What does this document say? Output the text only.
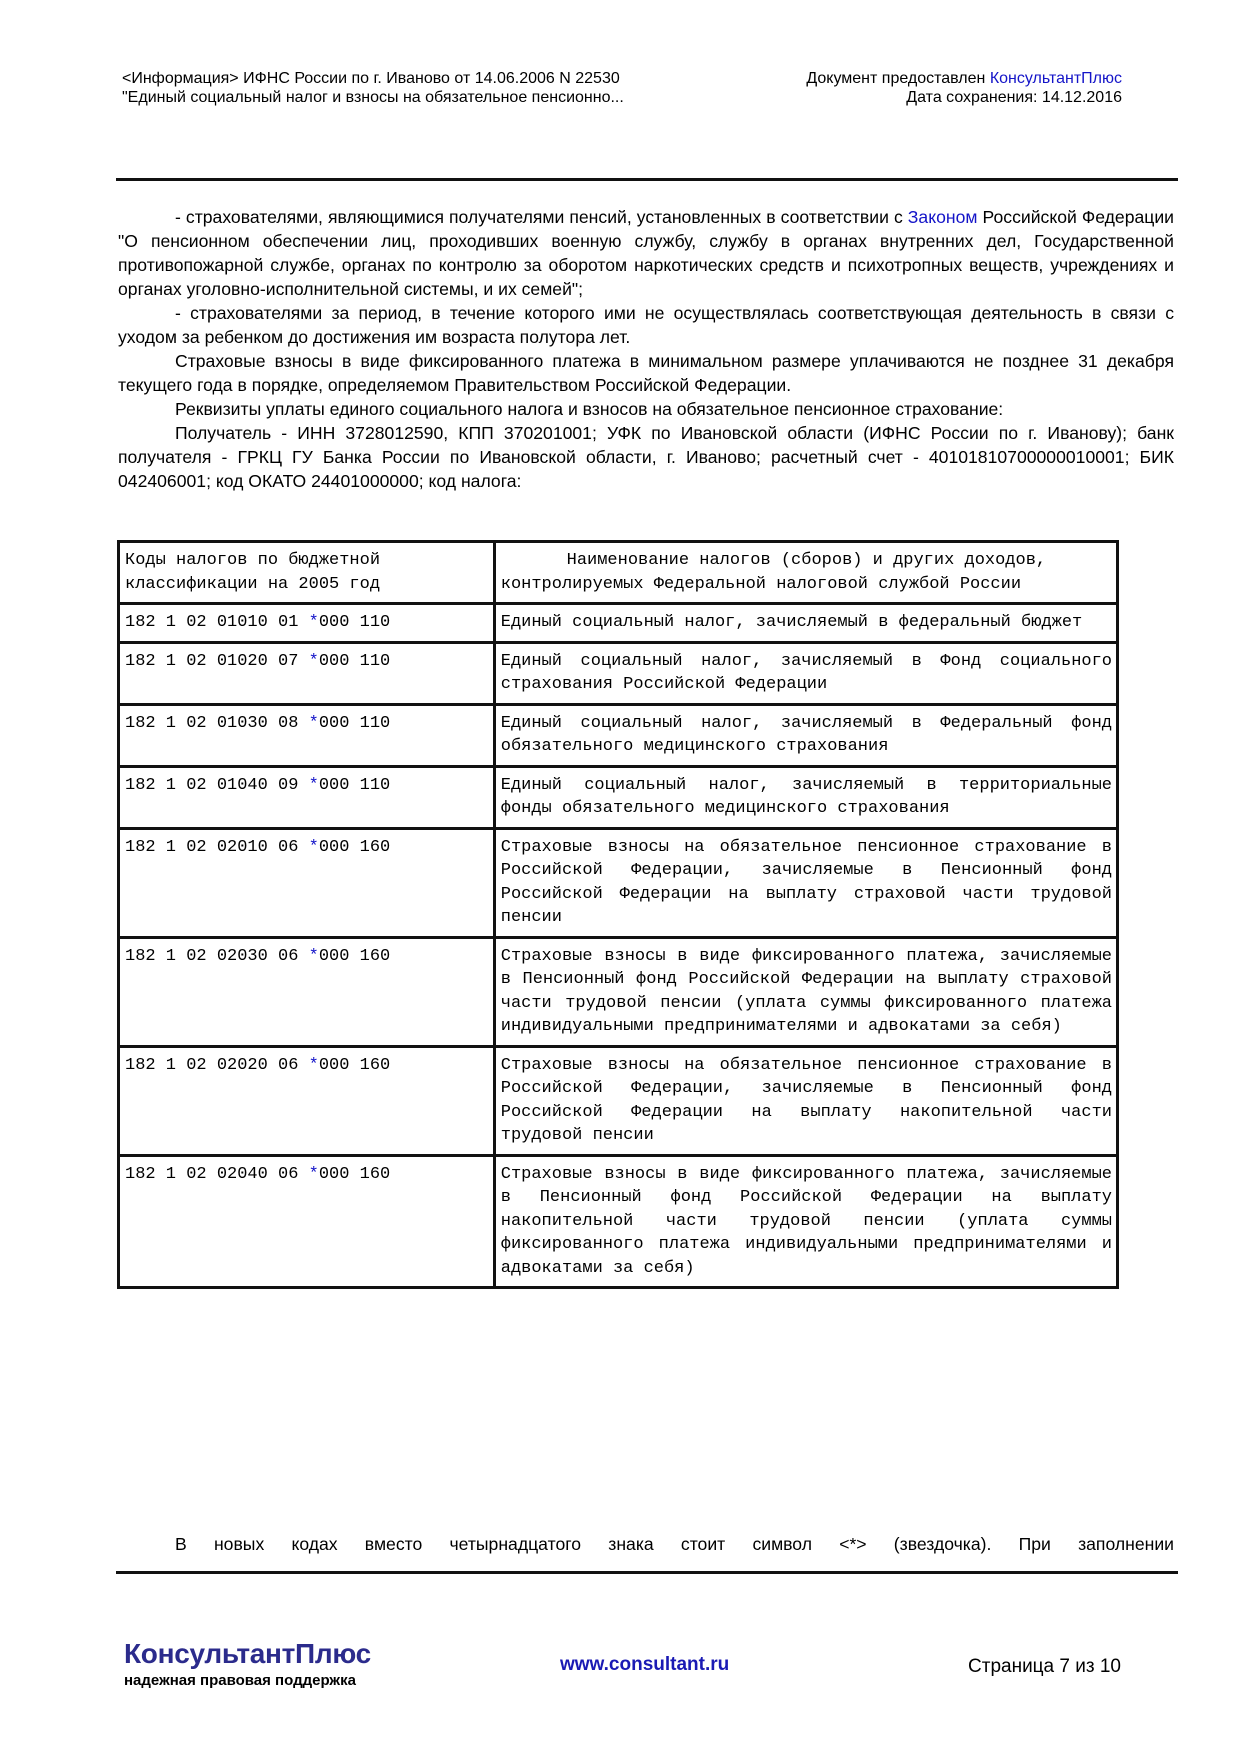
<Информация> ИФНС России по г. Иваново от 14.06.2006 N 22530
"Единый социальный налог и взносы на обязательное пенсионно...
Документ предоставлен КонсультантПлюс
Дата сохранения: 14.12.2016

- страхователями, являющимися получателями пенсий, установленных в соответствии с Законом Российской Федерации "О пенсионном обеспечении лиц, проходивших военную службу, службу в органах внутренних дел, Государственной противопожарной службе, органах по контролю за оборотом наркотических средств и психотропных веществ, учреждениях и органах уголовно-исполнительной системы, и их семей";

- страхователями за период, в течение которого ими не осуществлялась соответствующая деятельность в связи с уходом за ребенком до достижения им возраста полутора лет.

Страховые взносы в виде фиксированного платежа в минимальном размере уплачиваются не позднее 31 декабря текущего года в порядке, определяемом Правительством Российской Федерации.

Реквизиты уплаты единого социального налога и взносов на обязательное пенсионное страхование:

Получатель - ИНН 3728012590, КПП 370201001; УФК по Ивановской области (ИФНС России по г. Иванову); банк получателя - ГРКЦ ГУ Банка России по Ивановской области, г. Иваново; расчетный счет - 40101810700000010001; БИК 042406001; код ОКАТО 24401000000; код налога:

Коды налогов по бюджетной классификации на 2005 год	Наименование налогов (сборов) и других доходов, контролируемых Федеральной налоговой службой России
182 1 02 01010 01 *000 110	Единый социальный налог, зачисляемый в федеральный бюджет
182 1 02 01020 07 *000 110	Единый социальный налог, зачисляемый в Фонд социального страхования Российской Федерации
182 1 02 01030 08 *000 110	Единый социальный налог, зачисляемый в Федеральный фонд обязательного медицинского страхования
182 1 02 01040 09 *000 110	Единый социальный налог, зачисляемый в территориальные фонды обязательного медицинского страхования
182 1 02 02010 06 *000 160	Страховые взносы на обязательное пенсионное страхование в Российской Федерации, зачисляемые в Пенсионный фонд Российской Федерации на выплату страховой части трудовой пенсии
182 1 02 02030 06 *000 160	Страховые взносы в виде фиксированного платежа, зачисляемые в Пенсионный фонд Российской Федерации на выплату страховой части трудовой пенсии (уплата суммы фиксированного платежа индивидуальными предпринимателями и адвокатами за себя)
182 1 02 02020 06 *000 160	Страховые взносы на обязательное пенсионное страхование в Российской Федерации, зачисляемые в Пенсионный фонд Российской Федерации на выплату накопительной части трудовой пенсии
182 1 02 02040 06 *000 160	Страховые взносы в виде фиксированного платежа, зачисляемые в Пенсионный фонд Российской Федерации на выплату накопительной части трудовой пенсии (уплата суммы фиксированного платежа индивидуальными предпринимателями и адвокатами за себя)

В новых кодах вместо четырнадцатого знака стоит символ <*> (звездочка). При заполнении

КонсультантПлюс
надежная правовая поддержка
www.consultant.ru	Страница 7 из 10
